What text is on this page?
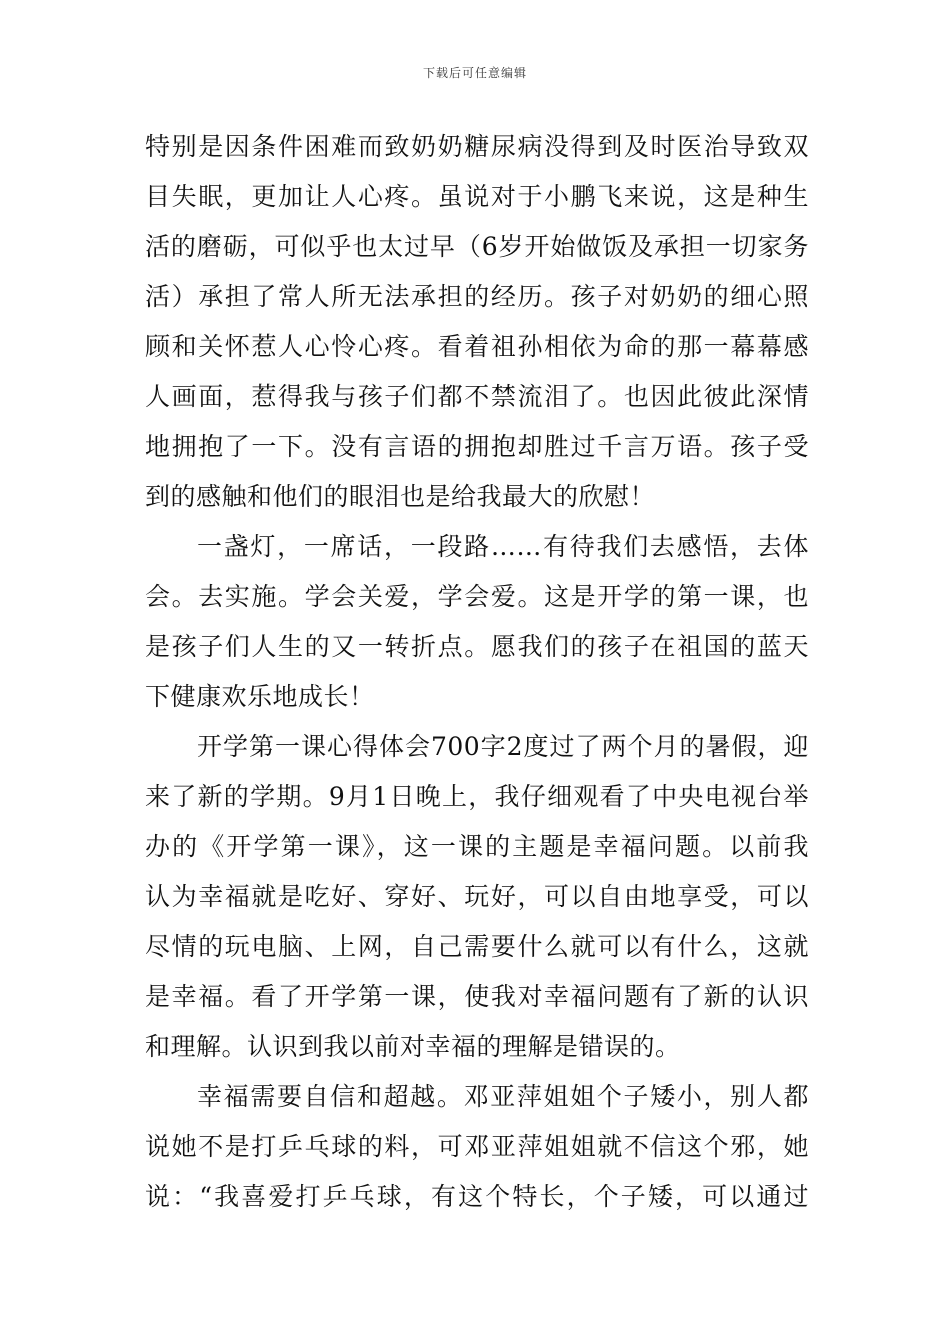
下载后可任意编辑
特别是因条件困难而致奶奶糖尿病没得到及时医治导致双
目失眠，更加让人心疼。虽说对于小鹏飞来说，这是种生
活的磨砺，可似乎也太过早（6岁开始做饭及承担一切家务
活）承担了常人所无法承担的经历。孩子对奶奶的细心照
顾和关怀惹人心怜心疼。看着祖孙相依为命的那一幕幕感
人画面，惹得我与孩子们都不禁流泪了。也因此彼此深情
地拥抱了一下。没有言语的拥抱却胜过千言万语。孩子受
到的感触和他们的眼泪也是给我最大的欣慰！
一盏灯，一席话，一段路……有待我们去感悟，去体
会。去实施。学会关爱，学会爱。这是开学的第一课，也
是孩子们人生的又一转折点。愿我们的孩子在祖国的蓝天
下健康欢乐地成长！
开学第一课心得体会700字2度过了两个月的暑假，迎
来了新的学期。9月1日晚上，我仔细观看了中央电视台举
办的《开学第一课》，这一课的主题是幸福问题。以前我
认为幸福就是吃好、穿好、玩好，可以自由地享受，可以
尽情的玩电脑、上网，自己需要什么就可以有什么，这就
是幸福。看了开学第一课，使我对幸福问题有了新的认识
和理解。认识到我以前对幸福的理解是错误的。
幸福需要自信和超越。邓亚萍姐姐个子矮小，别人都
说她不是打乒乓球的料，可邓亚萍姐姐就不信这个邪，她
说：“我喜爱打乒乓球，有这个特长，个子矮，可以通过
